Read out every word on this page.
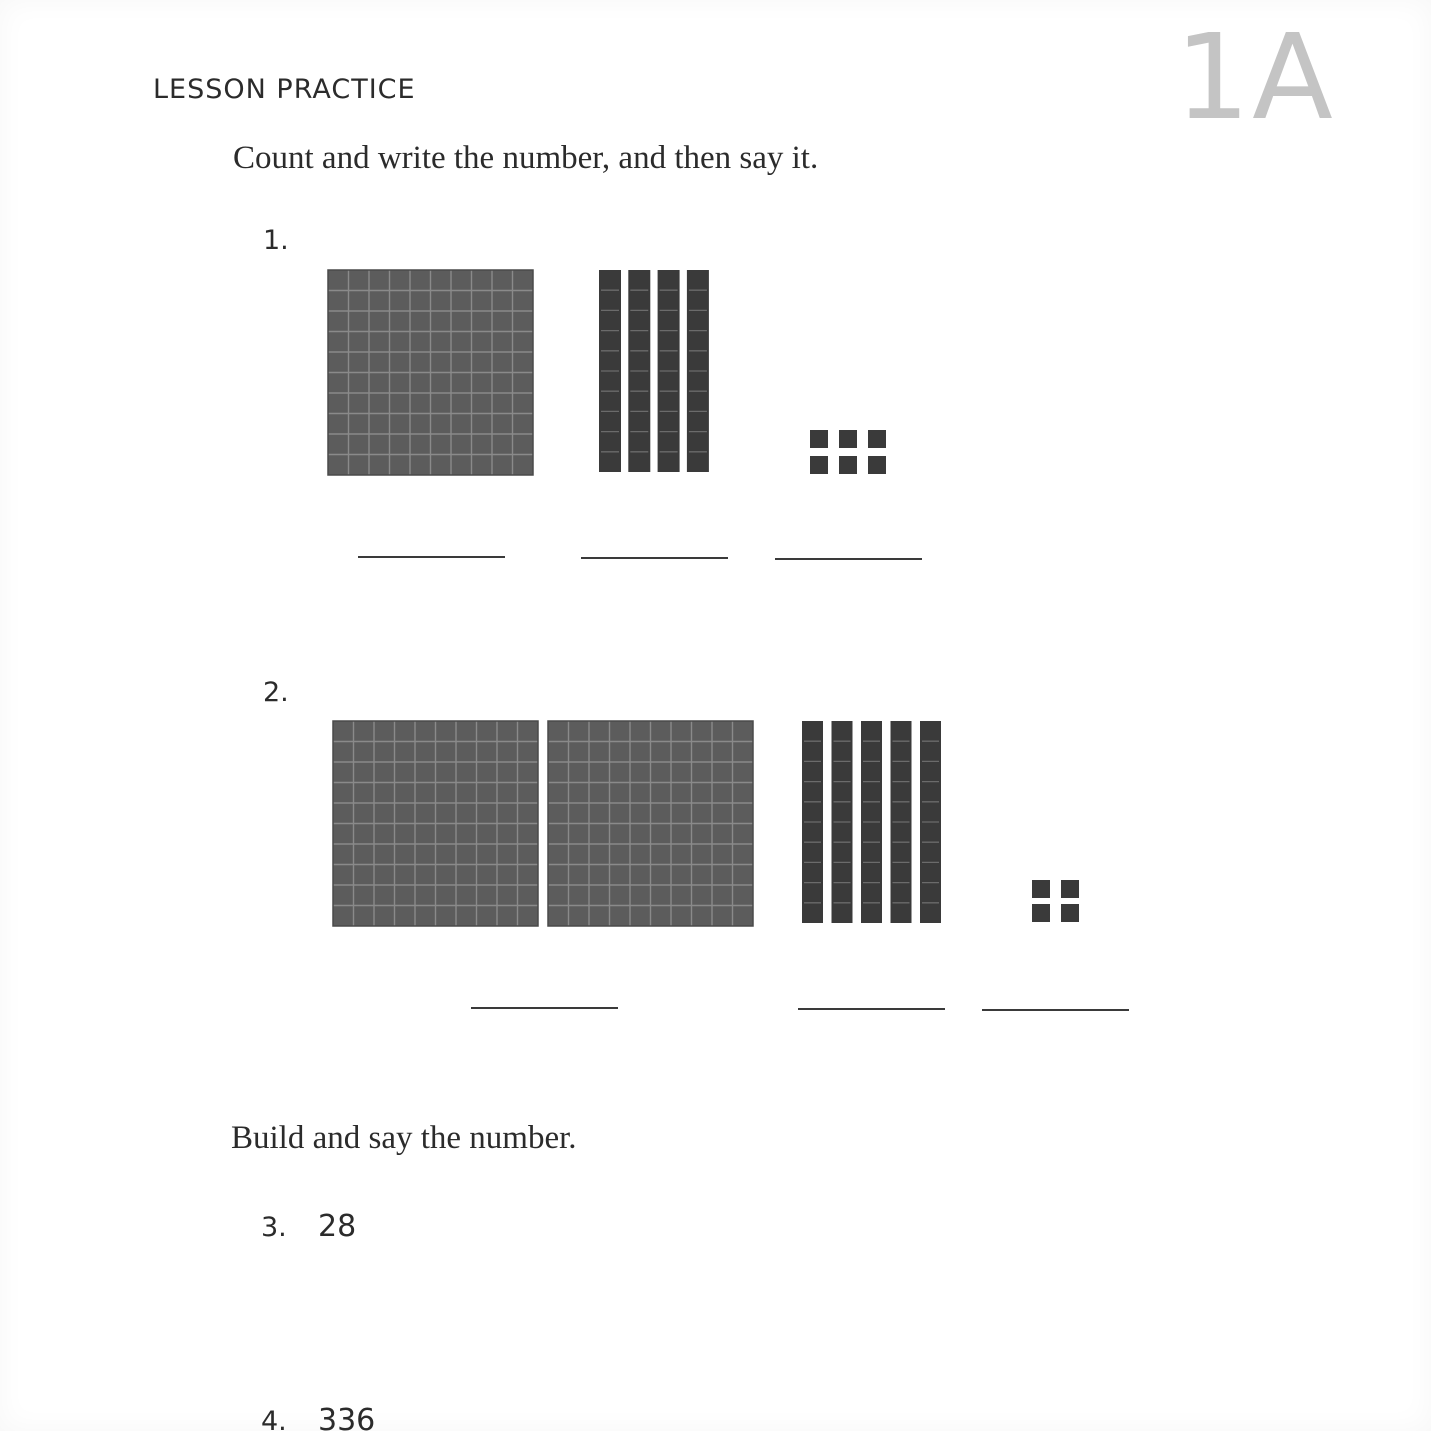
LESSON PRACTICE	1A
Count and write the number, and then say it.
1.
2.
Build and say the number.
3. 28
4. 336
